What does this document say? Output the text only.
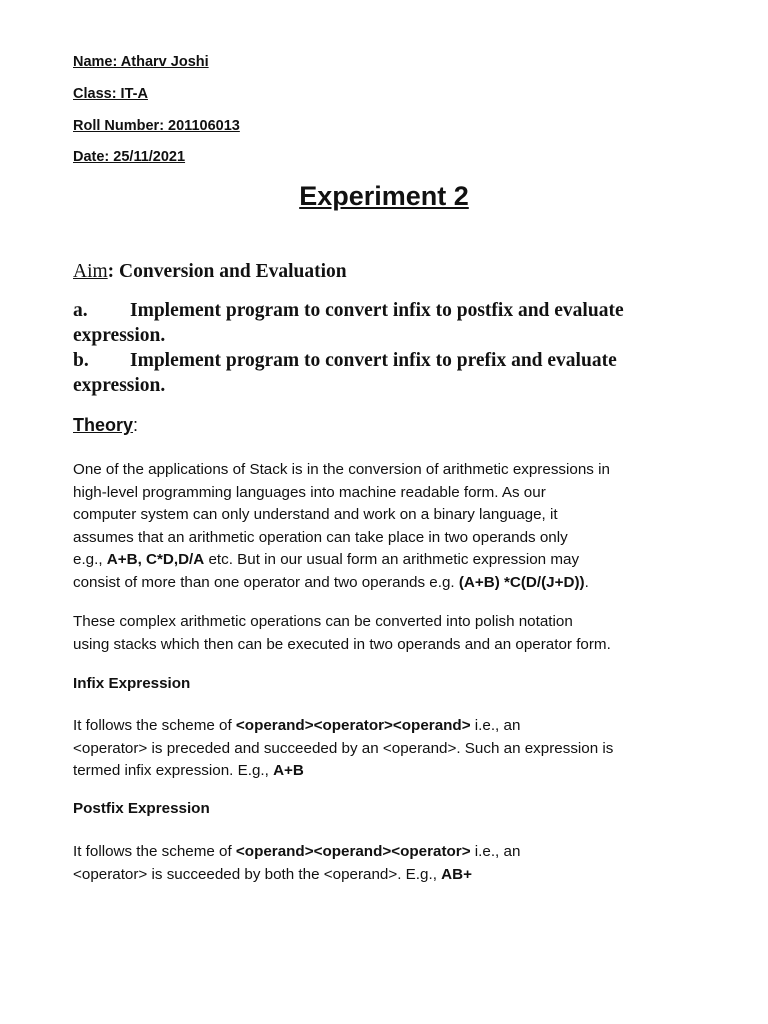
Name: Atharv Joshi
Class: IT-A
Roll Number: 201106013
Date: 25/11/2021
Experiment 2
Aim: Conversion and Evaluation
a. Implement program to convert infix to postfix and evaluate
expression.
b. Implement program to convert infix to prefix and evaluate
expression.
Theory:
One of the applications of Stack is in the conversion of arithmetic expressions in
high-level programming languages into machine readable form. As our
computer system can only understand and work on a binary language, it
assumes that an arithmetic operation can take place in two operands only
e.g., A+B, C*D,D/A etc. But in our usual form an arithmetic expression may
consist of more than one operator and two operands e.g. (A+B) *C(D/(J+D)).
These complex arithmetic operations can be converted into polish notation
using stacks which then can be executed in two operands and an operator form.
Infix Expression
It follows the scheme of <operand><operator><operand> i.e., an
<operator> is preceded and succeeded by an <operand>. Such an expression is
termed infix expression. E.g., A+B
Postfix Expression
It follows the scheme of <operand><operand><operator> i.e., an
<operator> is succeeded by both the <operand>. E.g., AB+
